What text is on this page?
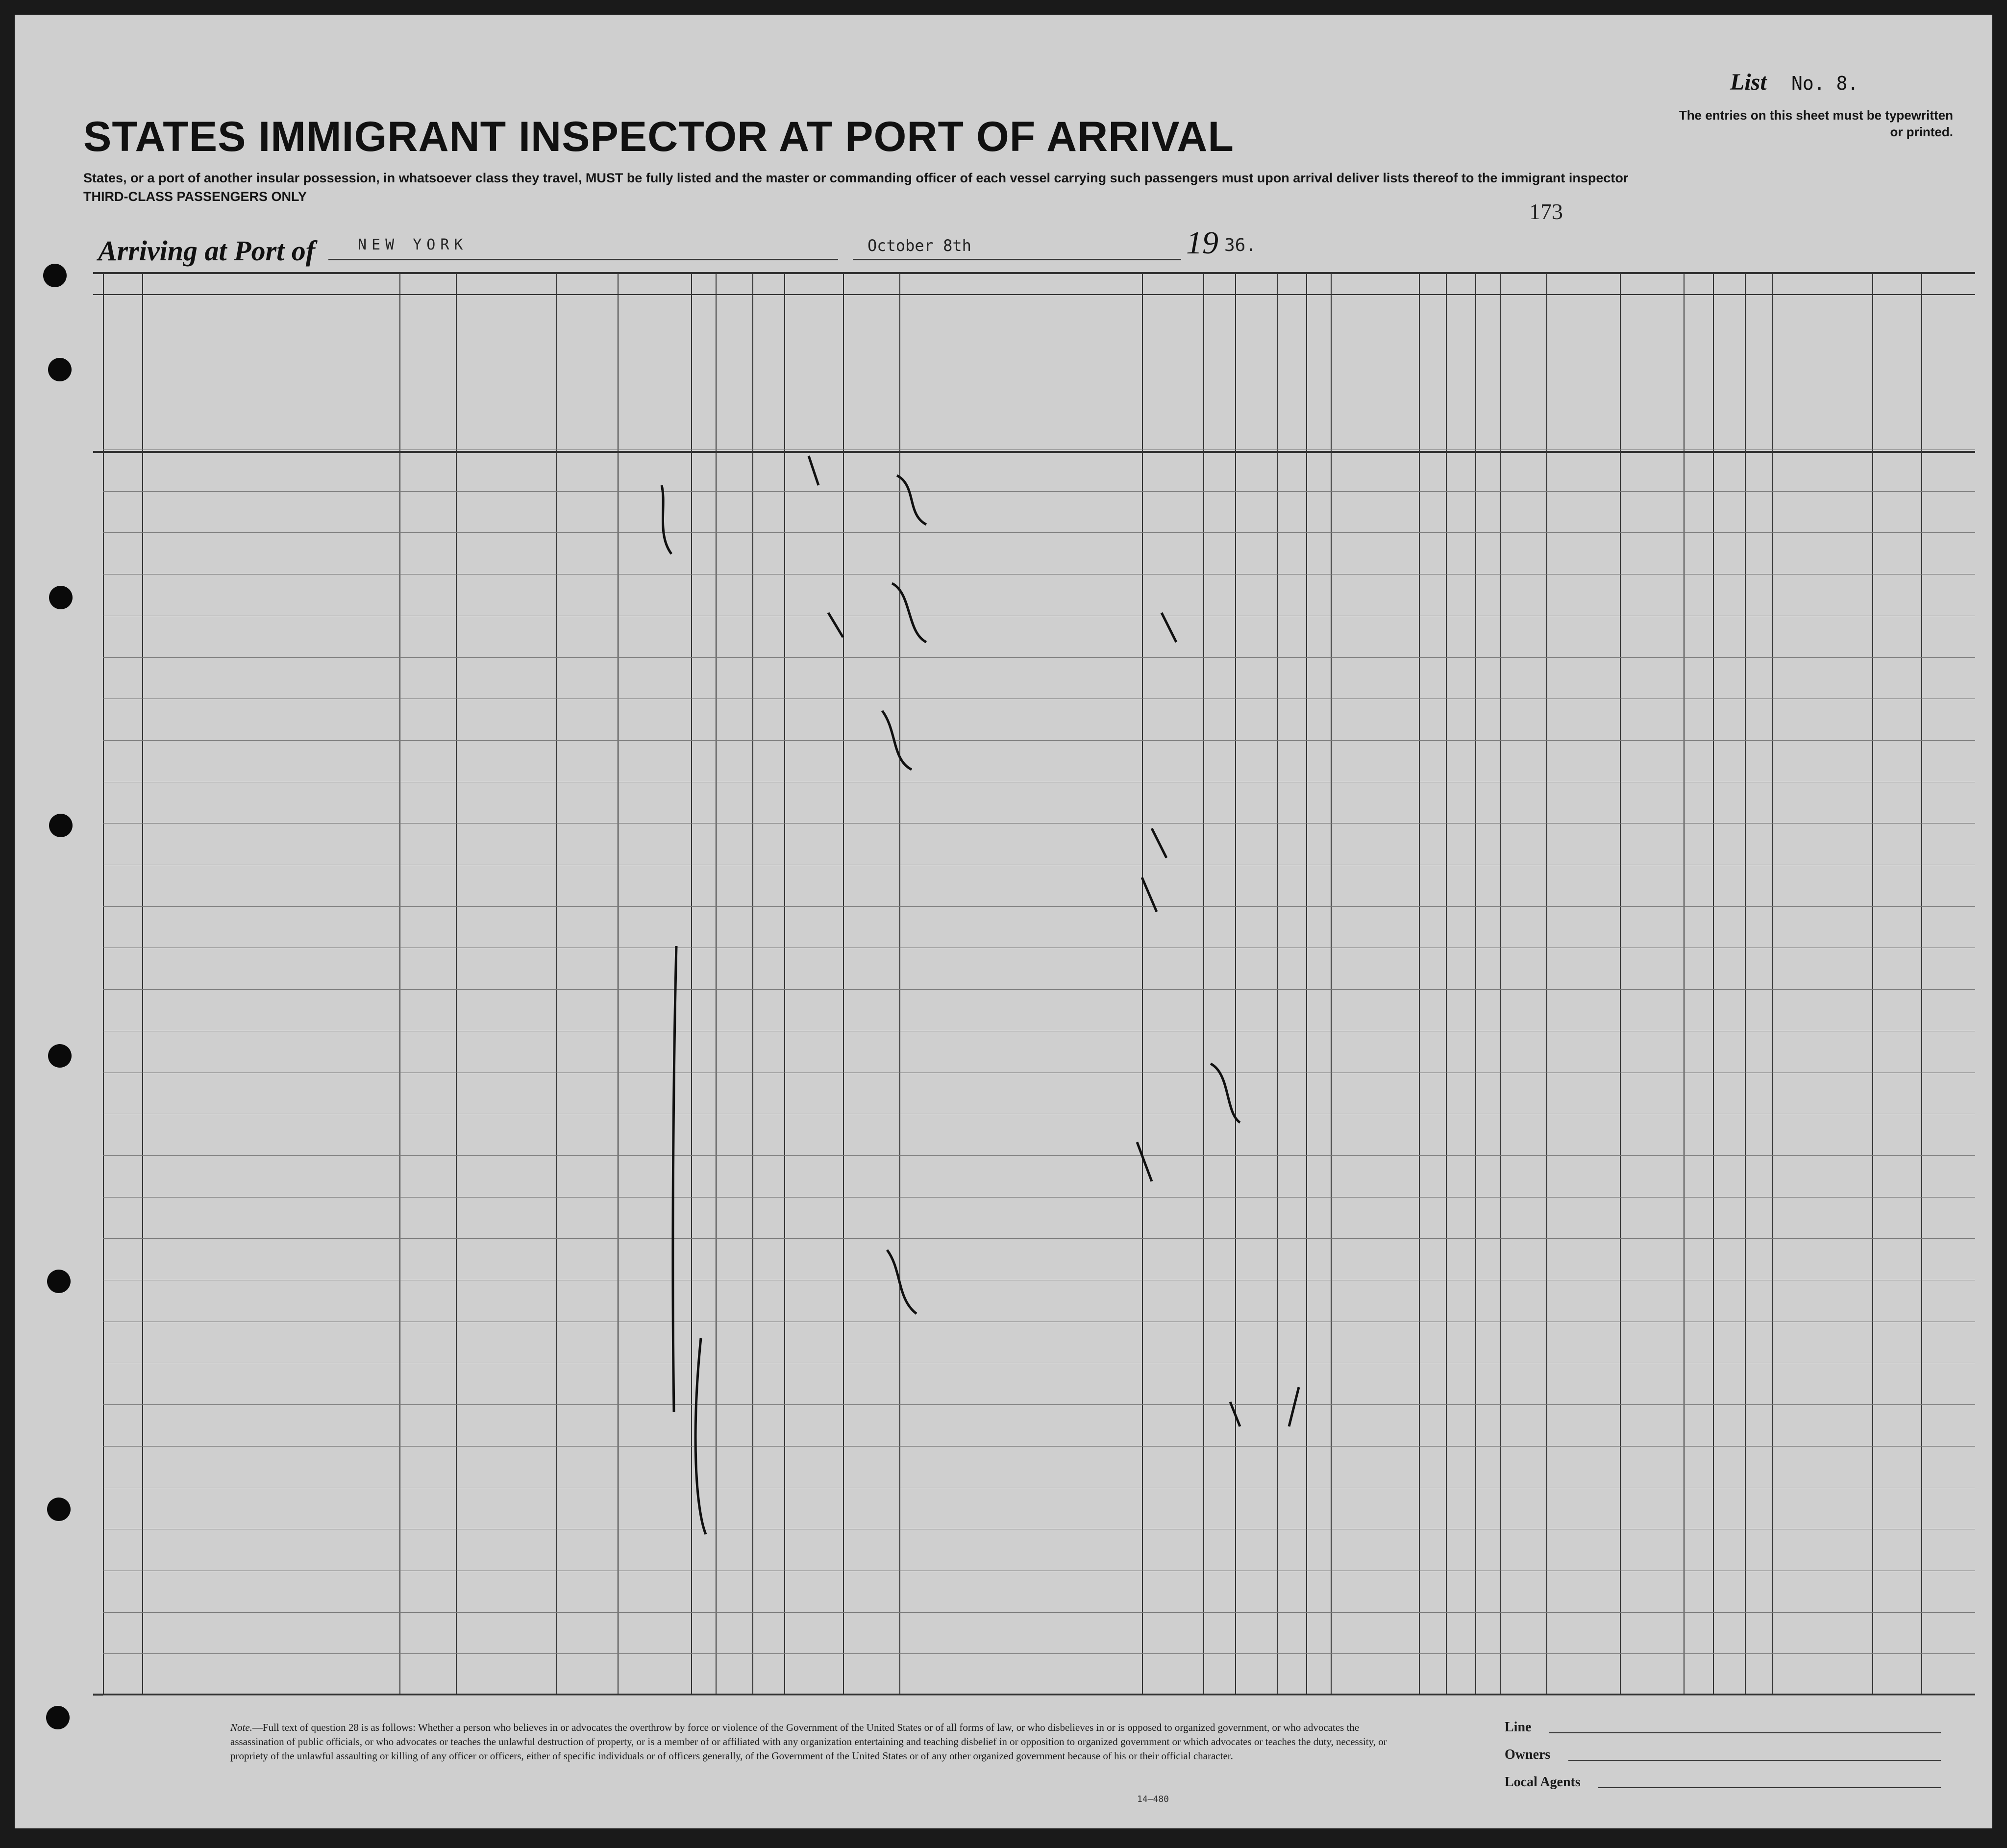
List No. 8.
The entries on this sheet must be typewritten or printed.
STATES IMMIGRANT INSPECTOR AT PORT OF ARRIVAL
States, or a port of another insular possession, in whatsoever class they travel, MUST be fully listed and the master or commanding officer of each vessel carrying such passengers must upon arrival deliver lists thereof to the immigrant inspector
THIRD-CLASS PASSENGERS ONLY
173
Arriving at Port of	NEW YORK	October 8th	19 36.
Note.—Full text of question 28 is as follows: Whether a person who believes in or advocates the overthrow by force or violence of the Government of the United States or of all forms of law, or who disbelieves in or is opposed to organized government, or who advocates the assassination of public officials, or who advocates or teaches the unlawful destruction of property, or is a member of or affiliated with any organization entertaining and teaching disbelief in or opposition to organized government or which advocates or teaches the duty, necessity, or propriety of the unlawful assaulting or killing of any officer or officers, either of specific individuals or of officers generally, of the Government of the United States or of any other organized government because of his or their official character.
Line
Owners
Local Agents
14—480
